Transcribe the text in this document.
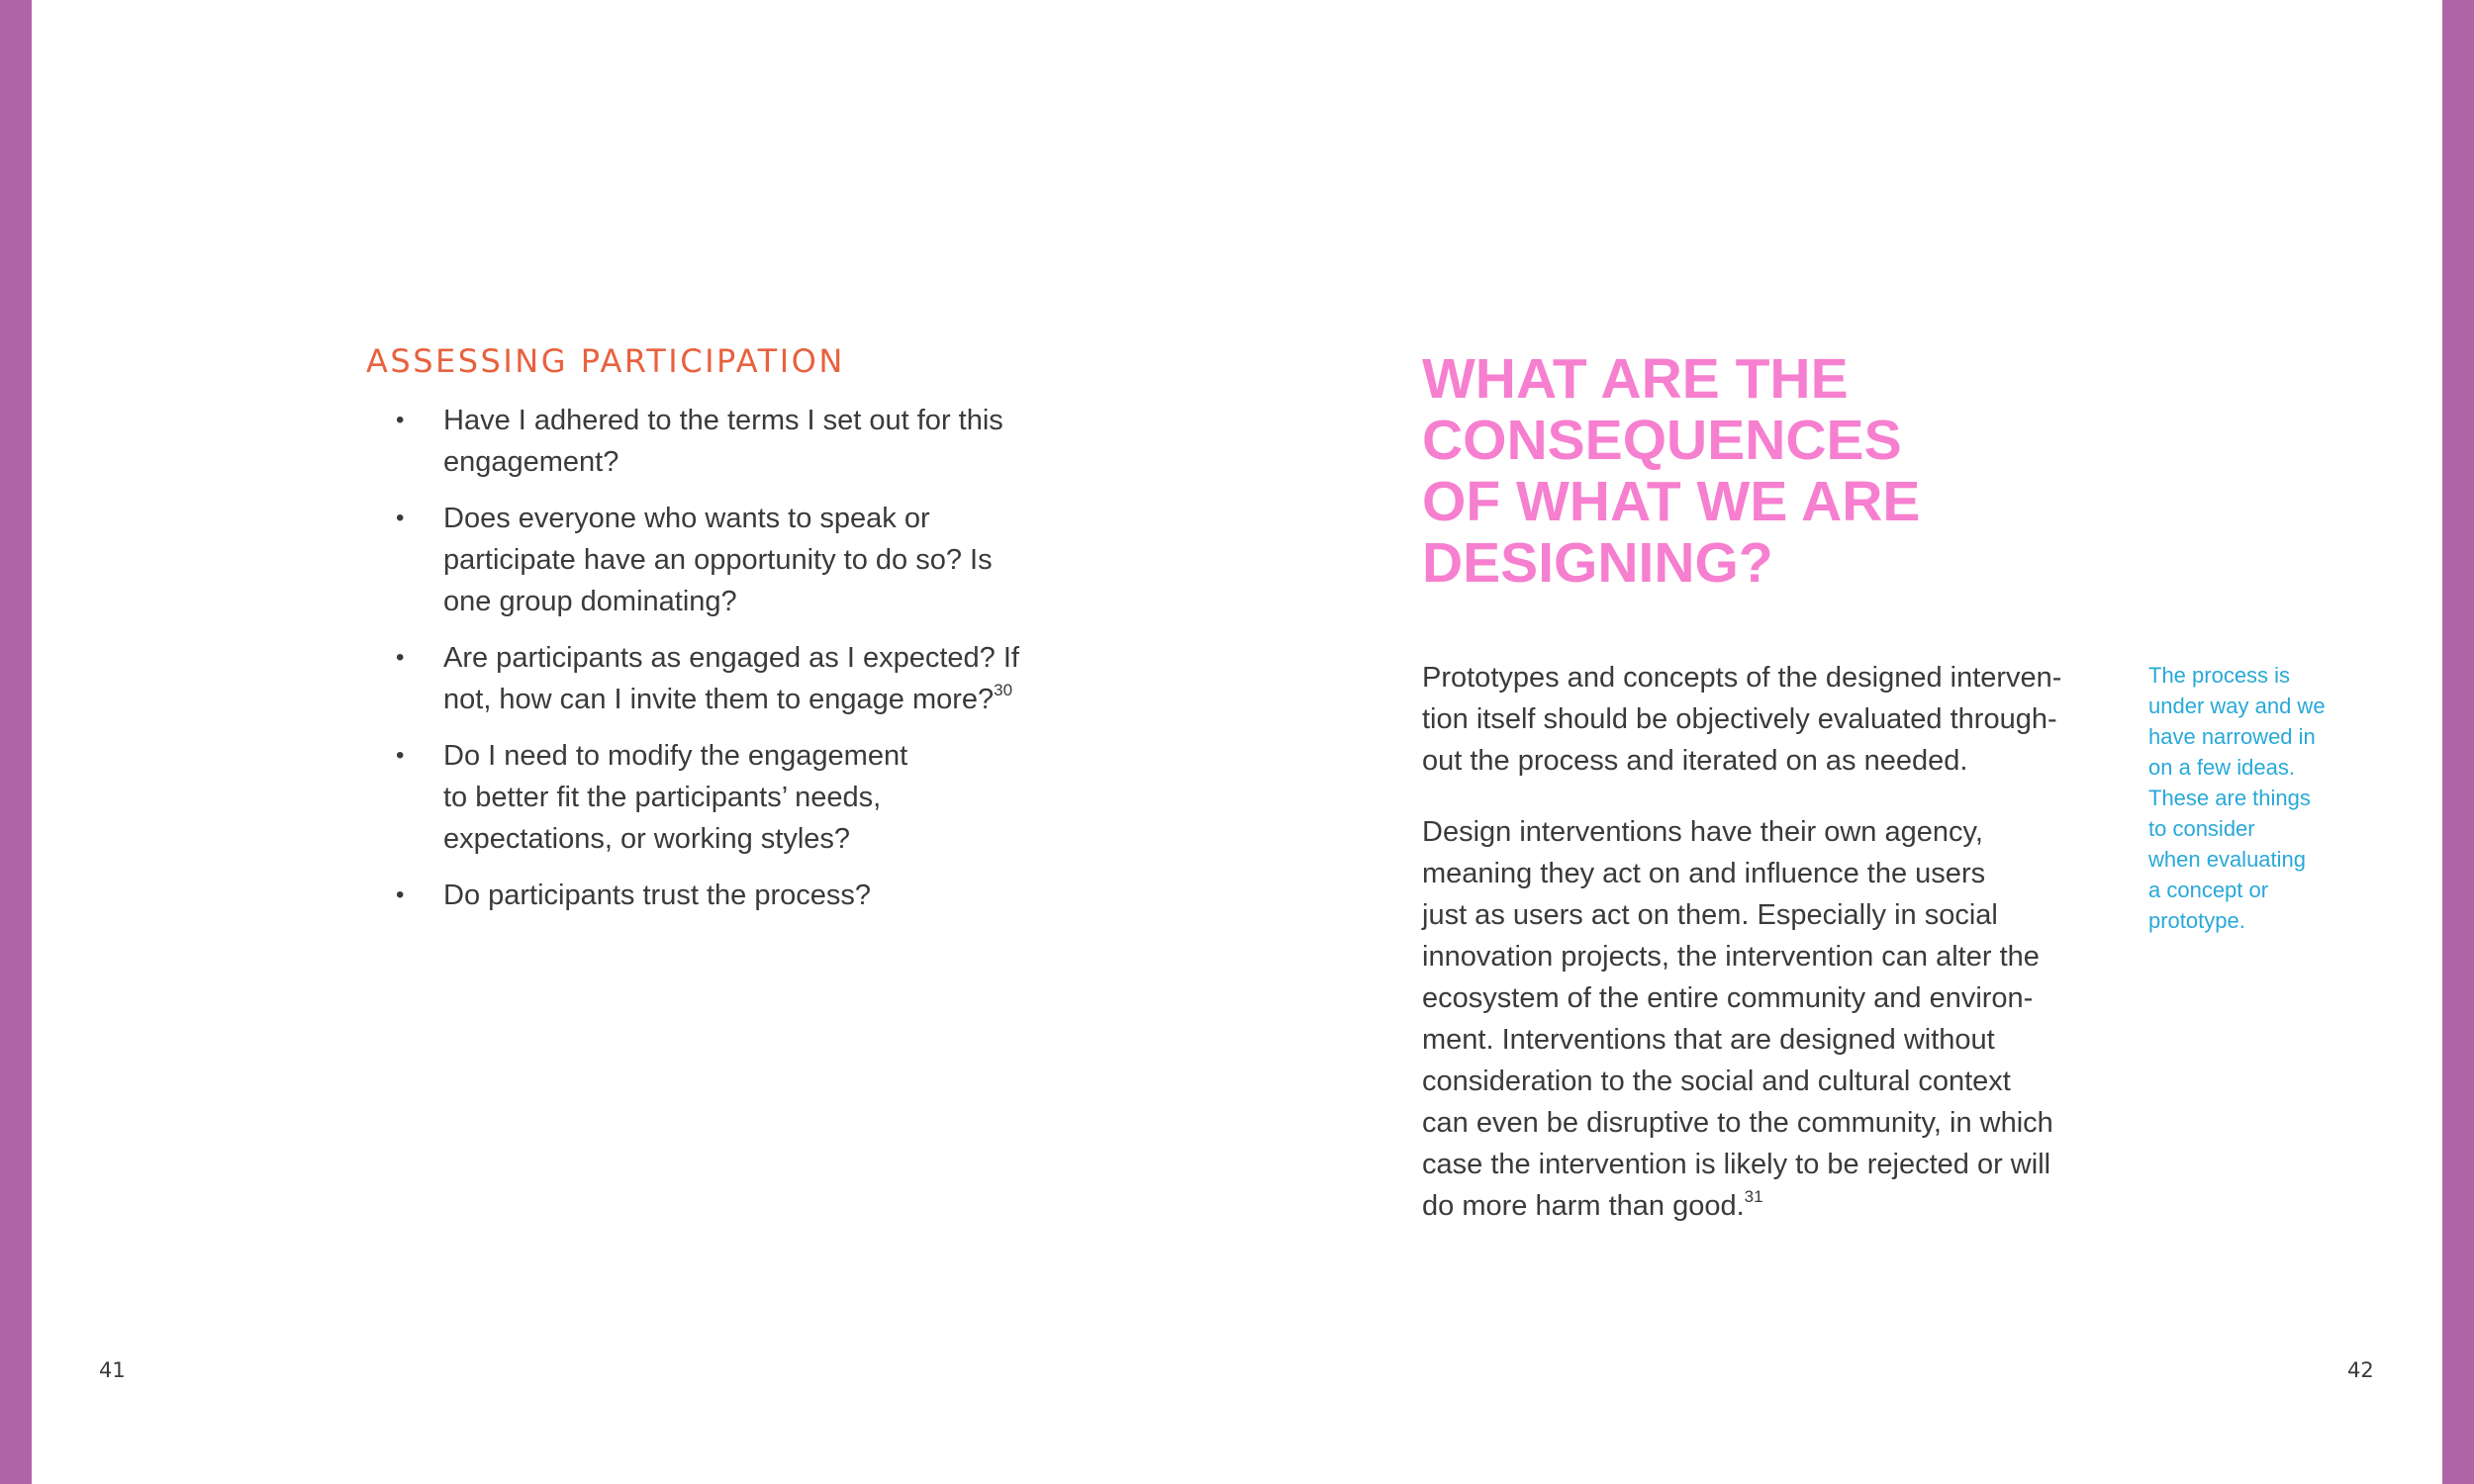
ASSESSING PARTICIPATION
• Have I adhered to the terms I set out for this
engagement?
• Does everyone who wants to speak or
participate have an opportunity to do so? Is
one group dominating?
• Are participants as engaged as I expected? If
not, how can I invite them to engage more?$^{30}$
• Do I need to modify the engagement
to better fit the participants’ needs,
expectations, or working styles?
• Do participants trust the process?
41
WHAT ARE THE
CONSEQUENCES
OF WHAT WE ARE
DESIGNING?

Prototypes and concepts of the designed interven-
tion itself should be objectively evaluated through-
out the process and iterated on as needed.

Design interventions have their own agency,
meaning they act on and influence the users
just as users act on them. Especially in social
innovation projects, the intervention can alter the
ecosystem of the entire community and environ-
ment. Interventions that are designed without
consideration to the social and cultural context
can even be disruptive to the community, in which
case the intervention is likely to be rejected or will
do more harm than good.$^{31}$

The process is
under way and we
have narrowed in
on a few ideas.
These are things
to consider
when evaluating
a concept or
prototype.
42
